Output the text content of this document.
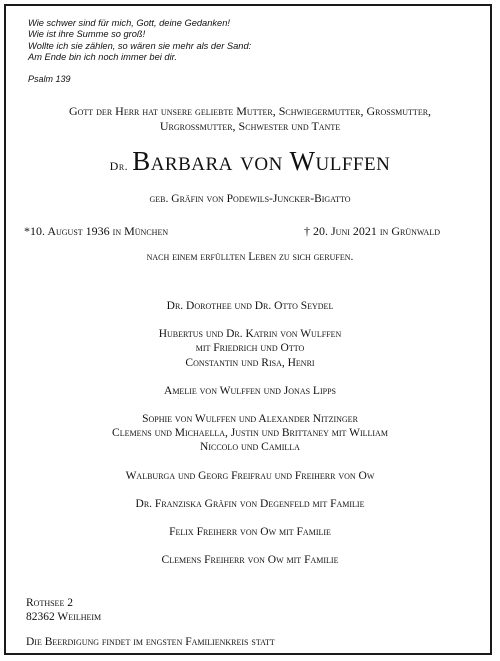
Wie schwer sind für mich, Gott, deine Gedanken!
Wie ist ihre Summe so groß!
Wollte ich sie zählen, so wären sie mehr als der Sand:
Am Ende bin ich noch immer bei dir.
Psalm 139
Gott der Herr hat unsere geliebte Mutter, Schwiegermutter, Grossmutter,
Urgrossmutter, Schwester und Tante
Dr. Barbara von Wulffen
geb. Gräfin von Podewils-Juncker-Bigatto
*10. August 1936 in München	† 20. Juni 2021 in Grünwald
nach einem erfüllten Leben zu sich gerufen.
Dr. Dorothee und Dr. Otto Seydel
Hubertus und Dr. Katrin von Wulffen
mit Friedrich und Otto
Constantin und Risa, Henri
Amelie von Wulffen und Jonas Lipps
Sophie von Wulffen und Alexander Nitzinger
Clemens und Michaella, Justin und Brittaney mit William
Niccolo und Camilla
Walburga und Georg Freifrau und Freiherr von Ow
Dr. Franziska Gräfin von Degenfeld mit Familie
Felix Freiherr von Ow mit Familie
Clemens Freiherr von Ow mit Familie
Rothsee 2
82362 Weilheim
Die Beerdigung findet im engsten Familienkreis statt
